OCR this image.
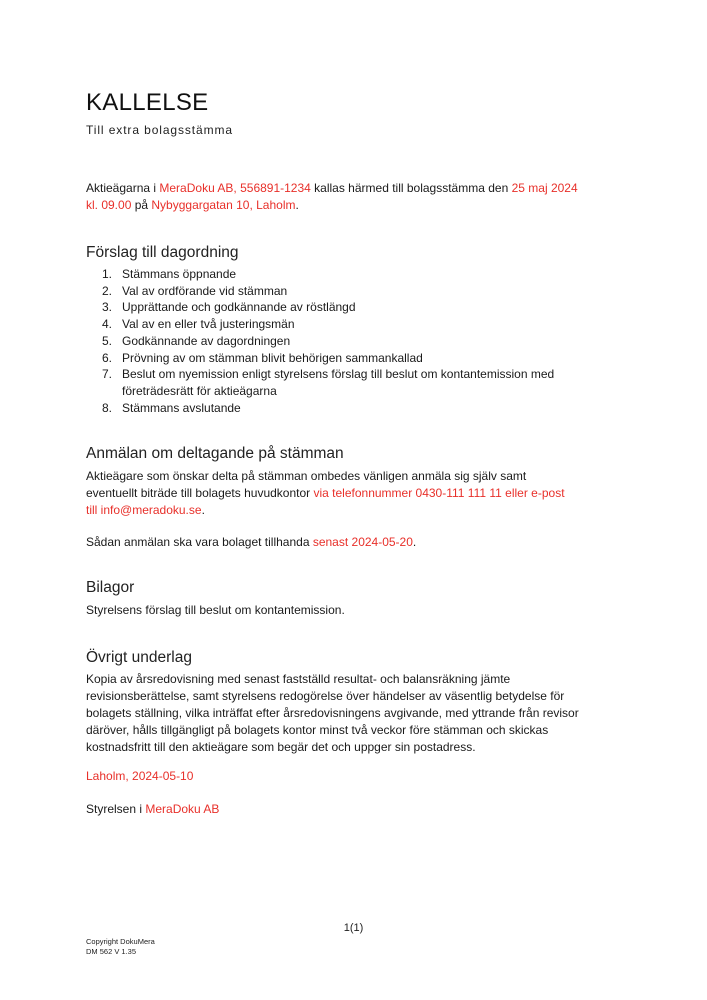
KALLELSE
Till extra bolagsstämma
Aktieägarna i MeraDoku AB, 556891-1234 kallas härmed till bolagsstämma den 25 maj 2024
kl. 09.00 på Nybyggargatan 10, Laholm.
Förslag till dagordning
1. Stämmans öppnande
2. Val av ordförande vid stämman
3. Upprättande och godkännande av röstlängd
4. Val av en eller två justeringsmän
5. Godkännande av dagordningen
6. Prövning av om stämman blivit behörigen sammankallad
7. Beslut om nyemission enligt styrelsens förslag till beslut om kontantemission med företrädesrätt för aktieägarna
8. Stämmans avslutande
Anmälan om deltagande på stämman
Aktieägare som önskar delta på stämman ombedes vänligen anmäla sig själv samt eventuellt biträde till bolagets huvudkontor via telefonnummer 0430-111 111 11 eller e-post till info@meradoku.se.
Sådan anmälan ska vara bolaget tillhanda senast 2024-05-20.
Bilagor
Styrelsens förslag till beslut om kontantemission.
Övrigt underlag
Kopia av årsredovisning med senast fastställd resultat- och balansräkning jämte revisionsberättelse, samt styrelsens redogörelse över händelser av väsentlig betydelse för bolagets ställning, vilka inträffat efter årsredovisningens avgivande, med yttrande från revisor däröver, hålls tillgängligt på bolagets kontor minst två veckor före stämman och skickas kostnadsfritt till den aktieägare som begär det och uppger sin postadress.
Laholm, 2024-05-10
Styrelsen i MeraDoku AB
1(1)
Copyright DokuMera
DM 562 V 1.35
